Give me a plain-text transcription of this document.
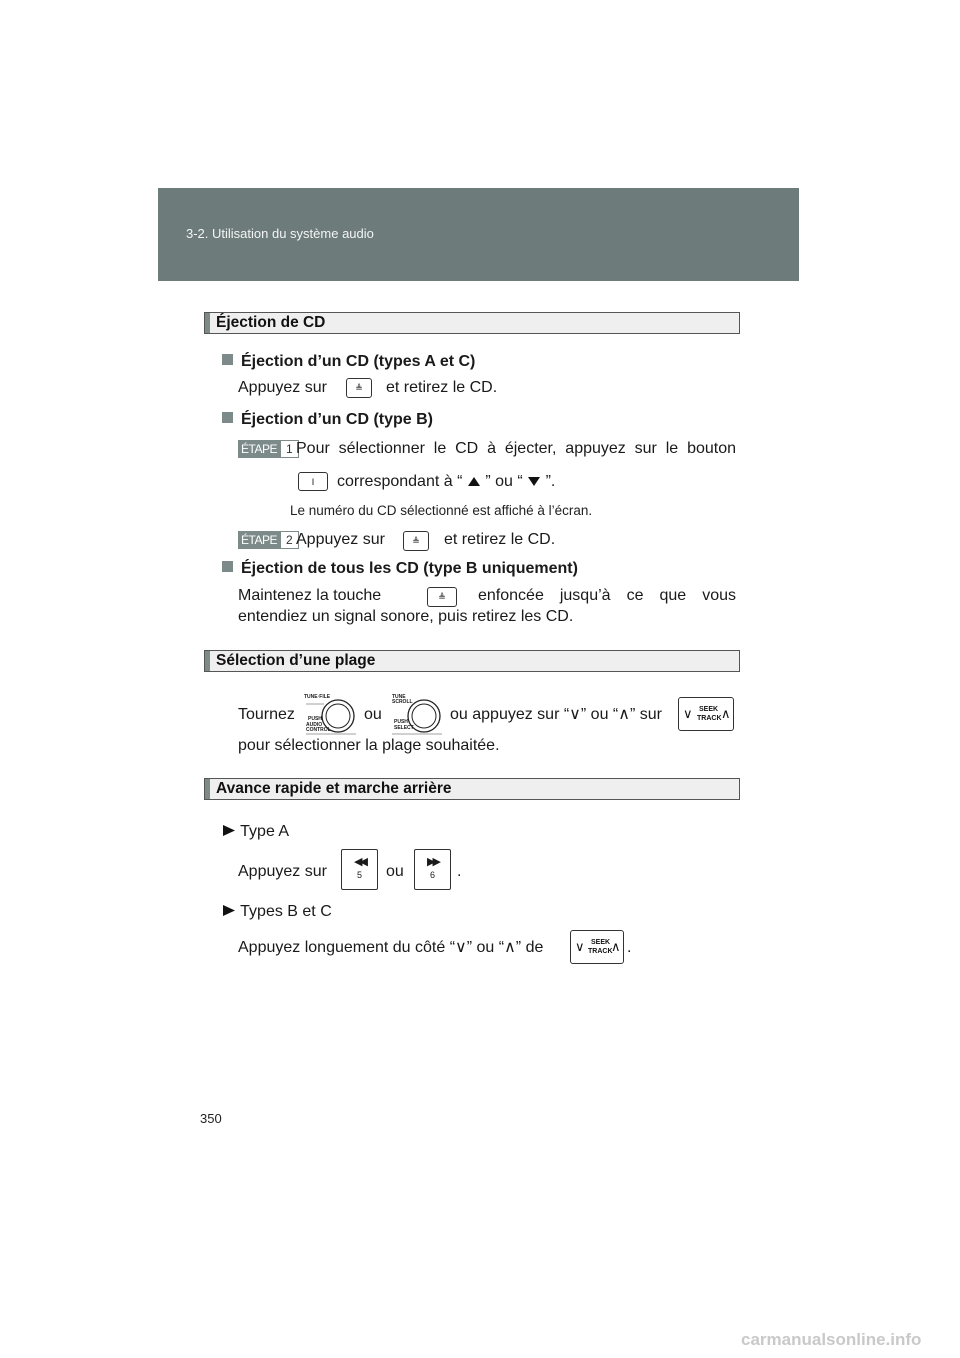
3-2. Utilisation du système audio
Éjection de CD
Éjection d’un CD (types A et C)
Appuyez sur	≜ et retirez le CD.
Éjection d’un CD (type B)
ÉTAPE 1 Pour sélectionner le CD à éjecter, appuyez sur le bouton
I correspondant à “ ” ou “ ”.
Le numéro du CD sélectionné est affiché à l’écran.
ÉTAPE 2 Appuyez sur	≜ et retirez le CD.
Éjection de tous les CD (type B uniquement)
Maintenez la touche	≜ enfoncée jusqu’à ce que vous
entendiez un signal sonore, puis retirez les CD.
Sélection d’une plage
Tournez
TUNE·FILE
PUSH
AUDIO
CONTROL
ou
TUNE
SCROLL
PUSH
SELECT
ou appuyez sur “∨” ou “∧” sur ∨ SEEK
TRACK ∧
pour sélectionner la plage souhaitée.
Avance rapide et marche arrière
Type A
Appuyez sur
◀◀
5	ou
▶▶
6	.
Types B et C
Appuyez longuement du côté “∨” ou “∧” de ∨ SEEK
TRACK
∧ .
350
carmanualsonline.info
